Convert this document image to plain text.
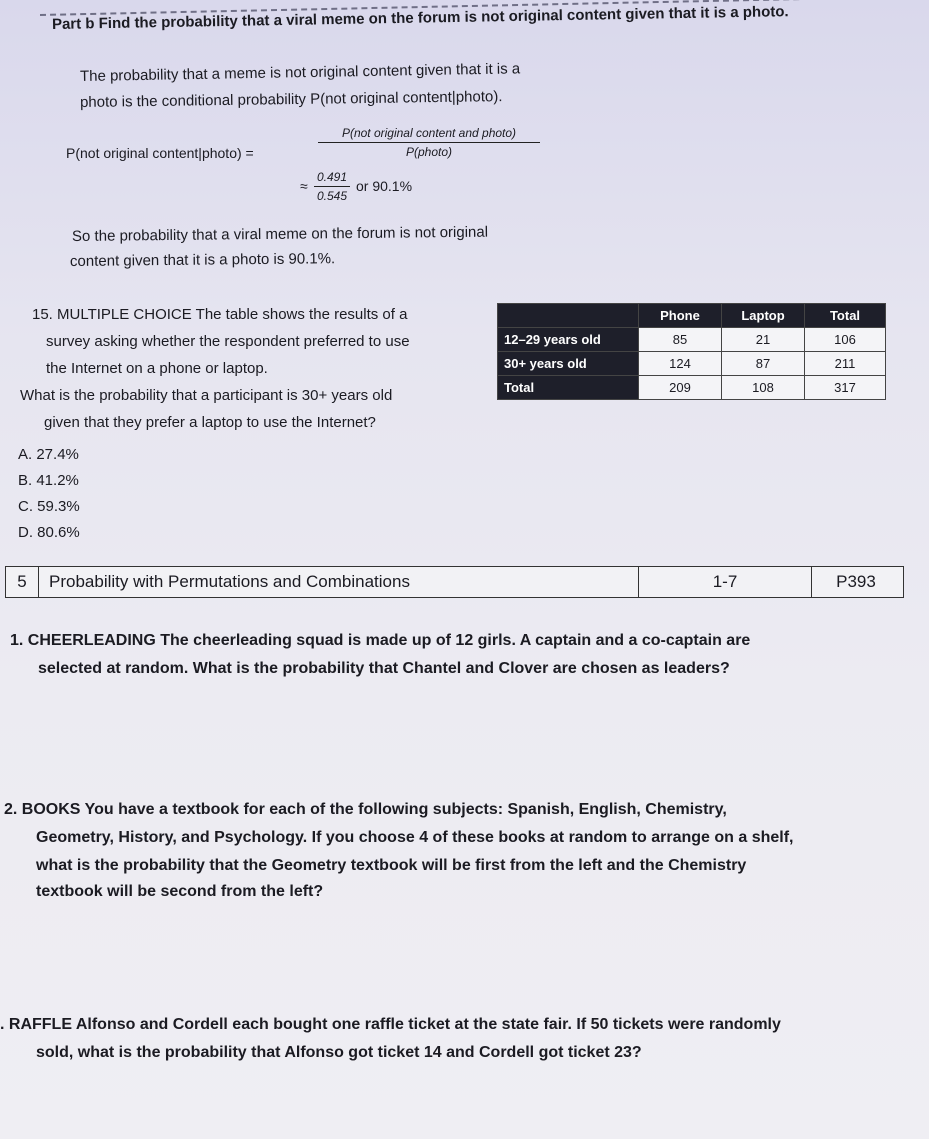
Part b Find the probability that a viral meme on the forum is not original content given that it is a photo.
The probability that a meme is not original content given that it is a
photo is the conditional probability P(not original content|photo).
P(not original content|photo) =
P(not original content and photo)
P(photo)
≈ $\frac{0.491}{0.545}$ or 90.1%
So the probability that a viral meme on the forum is not original
content given that it is a photo is 90.1%.
15. MULTIPLE CHOICE The table shows the results of a
survey asking whether the respondent preferred to use
the Internet on a phone or laptop.
What is the probability that a participant is 30+ years old
given that they prefer a laptop to use the Internet?
A. 27.4%
B. 41.2%
C. 59.3%
D. 80.6%
	Phone	Laptop	Total
12–29 years old	85	21	106
30+ years old	124	87	211
Total	209	108	317
5	Probability with Permutations and Combinations	1-7	P393
1. CHEERLEADING The cheerleading squad is made up of 12 girls. A captain and a co-captain are
selected at random. What is the probability that Chantel and Clover are chosen as leaders?
2. BOOKS You have a textbook for each of the following subjects: Spanish, English, Chemistry,
Geometry, History, and Psychology. If you choose 4 of these books at random to arrange on a shelf,
what is the probability that the Geometry textbook will be first from the left and the Chemistry
textbook will be second from the left?
. RAFFLE Alfonso and Cordell each bought one raffle ticket at the state fair. If 50 tickets were randomly
sold, what is the probability that Alfonso got ticket 14 and Cordell got ticket 23?
